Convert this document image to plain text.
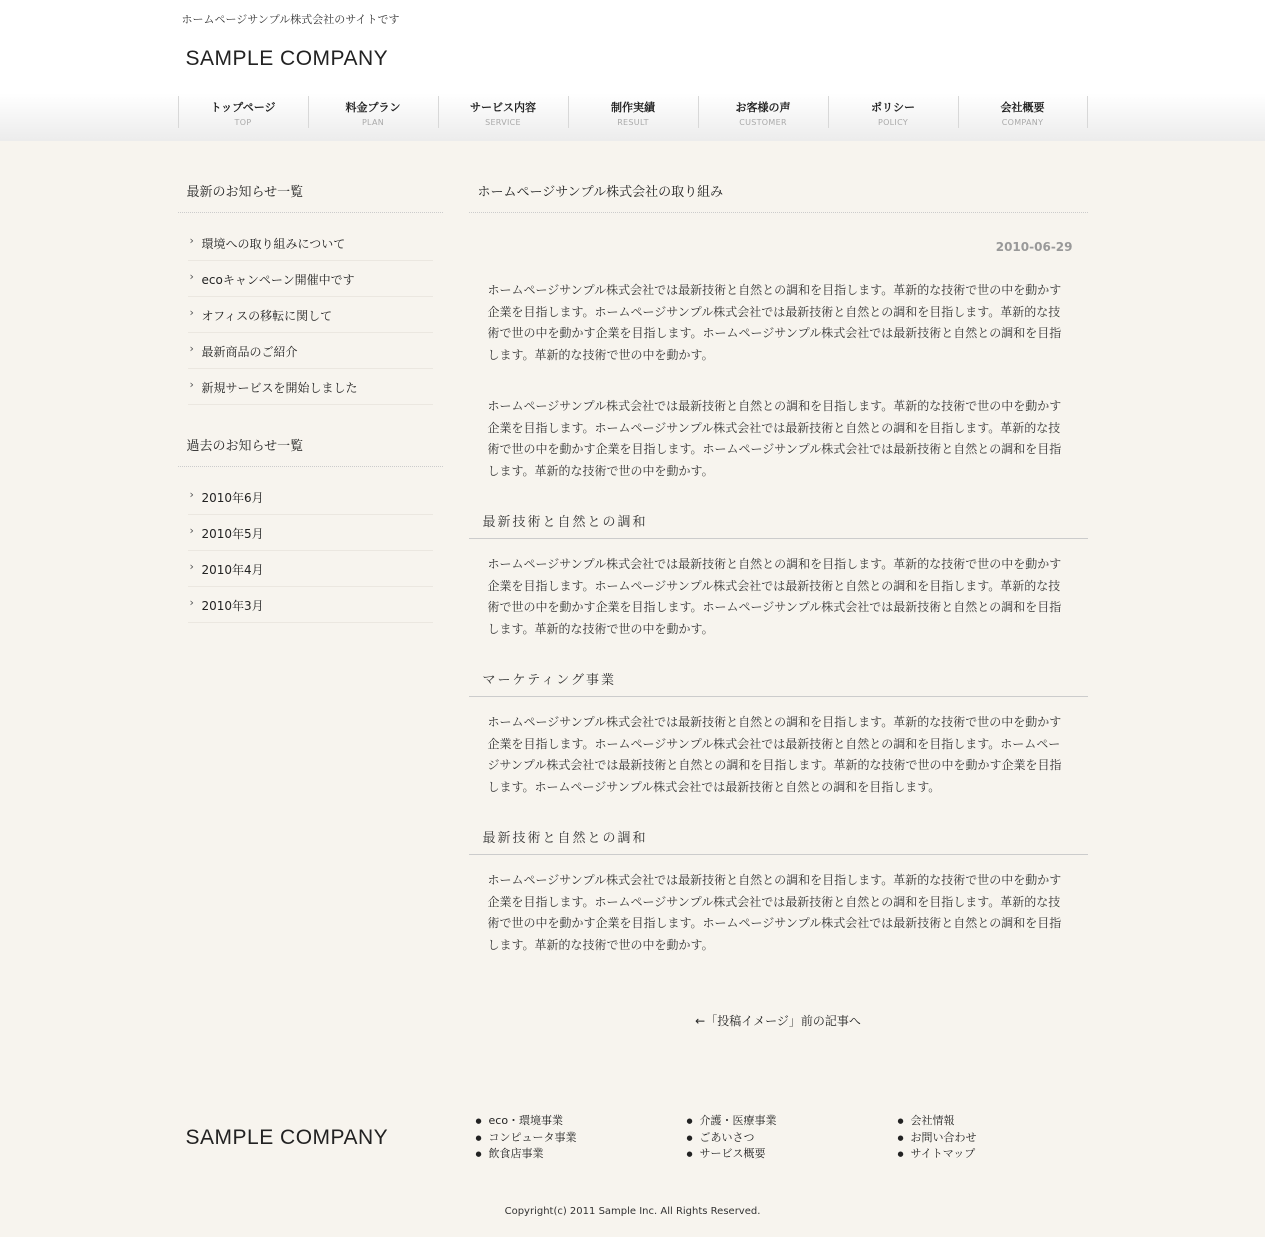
ホームページサンプル株式会社のサイトです
SAMPLE COMPANY
トップページ
TOP
料金プラン
PLAN
サービス内容
SERVICE
制作実績
RESULT
お客様の声
CUSTOMER
ポリシー
POLICY
会社概要
COMPANY
最新のお知らせ一覧
› 環境への取り組みについて
› ecoキャンペーン開催中です
› オフィスの移転に関して
› 最新商品のご紹介
› 新規サービスを開始しました
過去のお知らせ一覧
› 2010年6月
› 2010年5月
› 2010年4月
› 2010年3月
ホームページサンプル株式会社の取り組み
2010-06-29

ホームページサンプル株式会社では最新技術と自然との調和を目指します。革新的な技術で世の中を動かす企業を目指します。ホームページサンプル株式会社では最新技術と自然との調和を目指します。革新的な技術で世の中を動かす企業を目指します。ホームページサンプル株式会社では最新技術と自然との調和を目指します。革新的な技術で世の中を動かす。

ホームページサンプル株式会社では最新技術と自然との調和を目指します。革新的な技術で世の中を動かす企業を目指します。ホームページサンプル株式会社では最新技術と自然との調和を目指します。革新的な技術で世の中を動かす企業を目指します。ホームページサンプル株式会社では最新技術と自然との調和を目指します。革新的な技術で世の中を動かす。

最新技術と自然との調和

ホームページサンプル株式会社では最新技術と自然との調和を目指します。革新的な技術で世の中を動かす企業を目指します。ホームページサンプル株式会社では最新技術と自然との調和を目指します。革新的な技術で世の中を動かす企業を目指します。ホームページサンプル株式会社では最新技術と自然との調和を目指します。革新的な技術で世の中を動かす。

マーケティング事業

ホームページサンプル株式会社では最新技術と自然との調和を目指します。革新的な技術で世の中を動かす企業を目指します。ホームページサンプル株式会社では最新技術と自然との調和を目指します。ホームページサンプル株式会社では最新技術と自然との調和を目指します。革新的な技術で世の中を動かす企業を目指します。ホームページサンプル株式会社では最新技術と自然との調和を目指します。

最新技術と自然との調和

ホームページサンプル株式会社では最新技術と自然との調和を目指します。革新的な技術で世の中を動かす企業を目指します。ホームページサンプル株式会社では最新技術と自然との調和を目指します。革新的な技術で世の中を動かす企業を目指します。ホームページサンプル株式会社では最新技術と自然との調和を目指します。革新的な技術で世の中を動かす。

←「投稿イメージ」前の記事へ
SAMPLE COMPANY
● eco・環境事業
● コンピュータ事業
● 飲食店事業
● 介護・医療事業
● ごあいさつ
● サービス概要
● 会社情報
● お問い合わせ
● サイトマップ
Copyright(c) 2011 Sample Inc. All Rights Reserved.
